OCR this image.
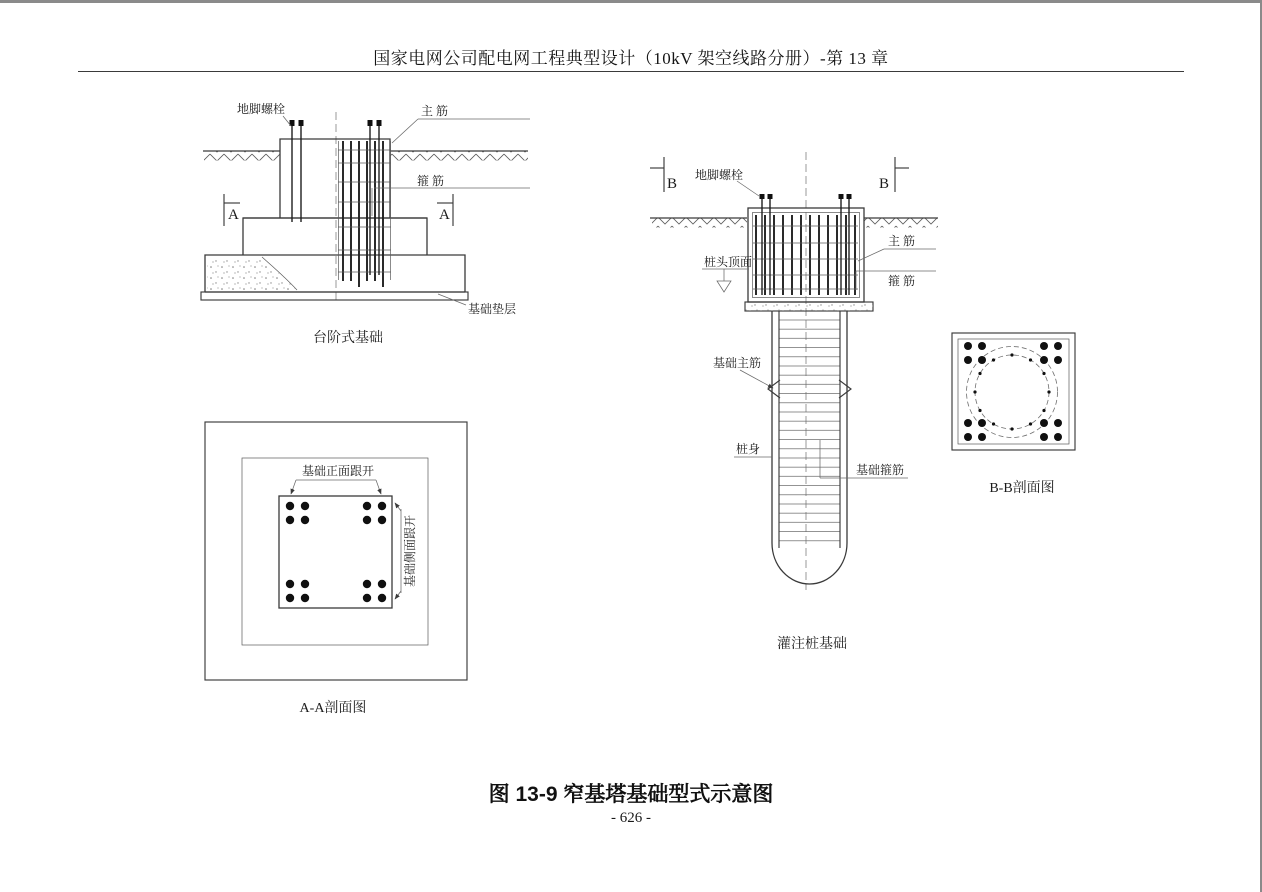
国家电网公司配电网工程典型设计（10kV 架空线路分册）-第 13 章
A	A
地脚螺栓	主 筋
箍 筋
基础垫层
台阶式基础
基础正面跟开
基础侧面跟开
A-A剖面图
B	B
地脚螺栓
桩头顶面
主 筋
箍 筋
基础主筋
桩身
基础箍筋
灌注桩基础
B-B剖面图
图 13-9 窄基塔基础型式示意图
- 626 -
